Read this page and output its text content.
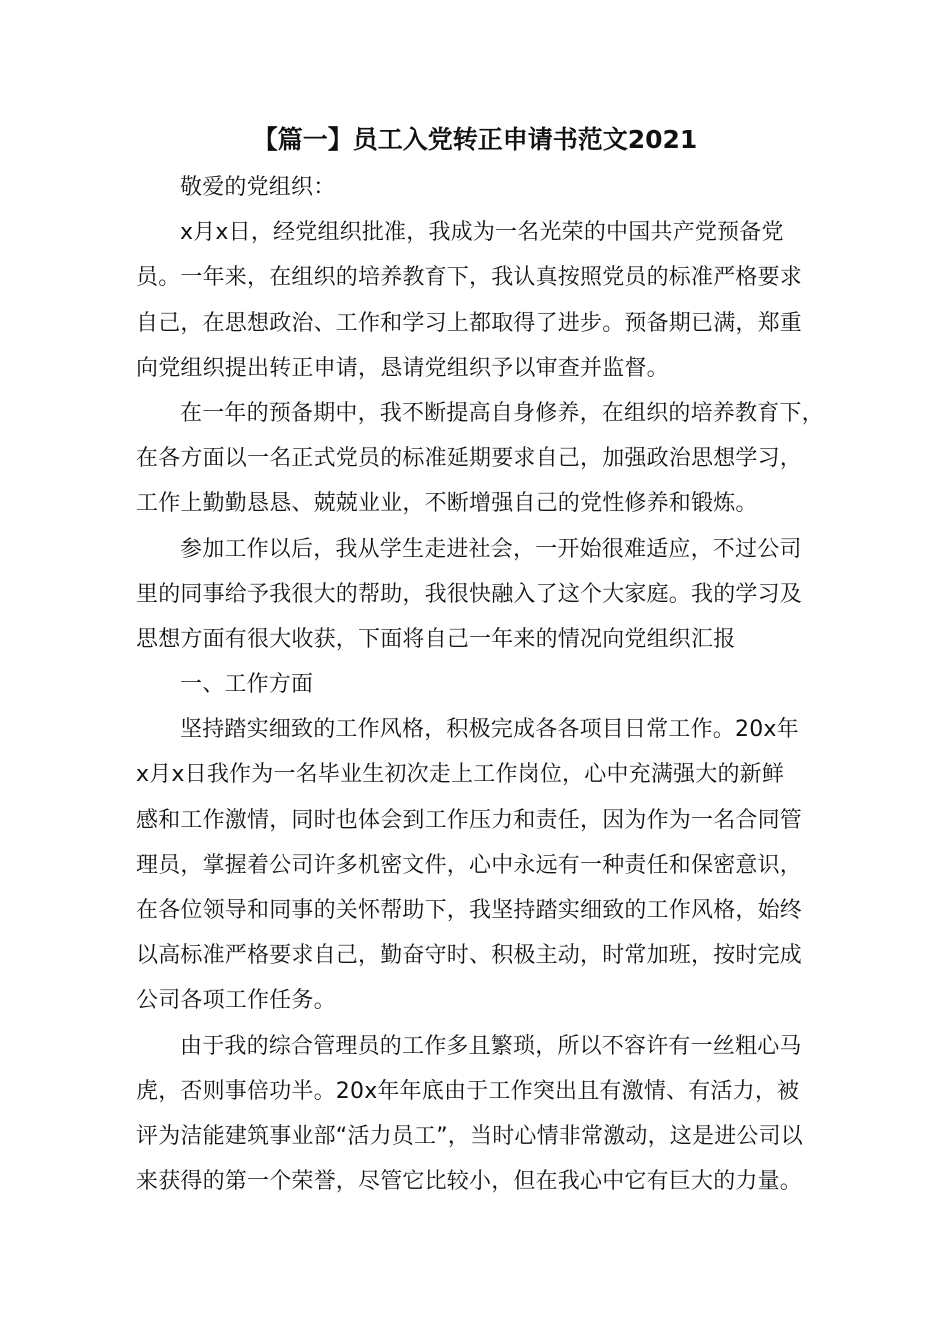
【篇一】员工入党转正申请书范文2021
敬爱的党组织：
x月x日，经党组织批准，我成为一名光荣的中国共产党预备党
员。一年来，在组织的培养教育下，我认真按照党员的标准严格要求
自己，在思想政治、工作和学习上都取得了进步。预备期已满，郑重
向党组织提出转正申请，恳请党组织予以审查并监督。
在一年的预备期中，我不断提高自身修养，在组织的培养教育下，
在各方面以一名正式党员的标准延期要求自己，加强政治思想学习，
工作上勤勤恳恳、兢兢业业，不断增强自己的党性修养和锻炼。
参加工作以后，我从学生走进社会，一开始很难适应，不过公司
里的同事给予我很大的帮助，我很快融入了这个大家庭。我的学习及
思想方面有很大收获，下面将自己一年来的情况向党组织汇报
一、工作方面
坚持踏实细致的工作风格，积极完成各各项目日常工作。20x年
x月x日我作为一名毕业生初次走上工作岗位，心中充满强大的新鲜
感和工作激情，同时也体会到工作压力和责任，因为作为一名合同管
理员，掌握着公司许多机密文件，心中永远有一种责任和保密意识，
在各位领导和同事的关怀帮助下，我坚持踏实细致的工作风格，始终
以高标准严格要求自己，勤奋守时、积极主动，时常加班，按时完成
公司各项工作任务。
由于我的综合管理员的工作多且繁琐，所以不容许有一丝粗心马
虎，否则事倍功半。20x年年底由于工作突出且有激情、有活力，被
评为洁能建筑事业部“活力员工”，当时心情非常激动，这是进公司以
来获得的第一个荣誉，尽管它比较小，但在我心中它有巨大的力量。
